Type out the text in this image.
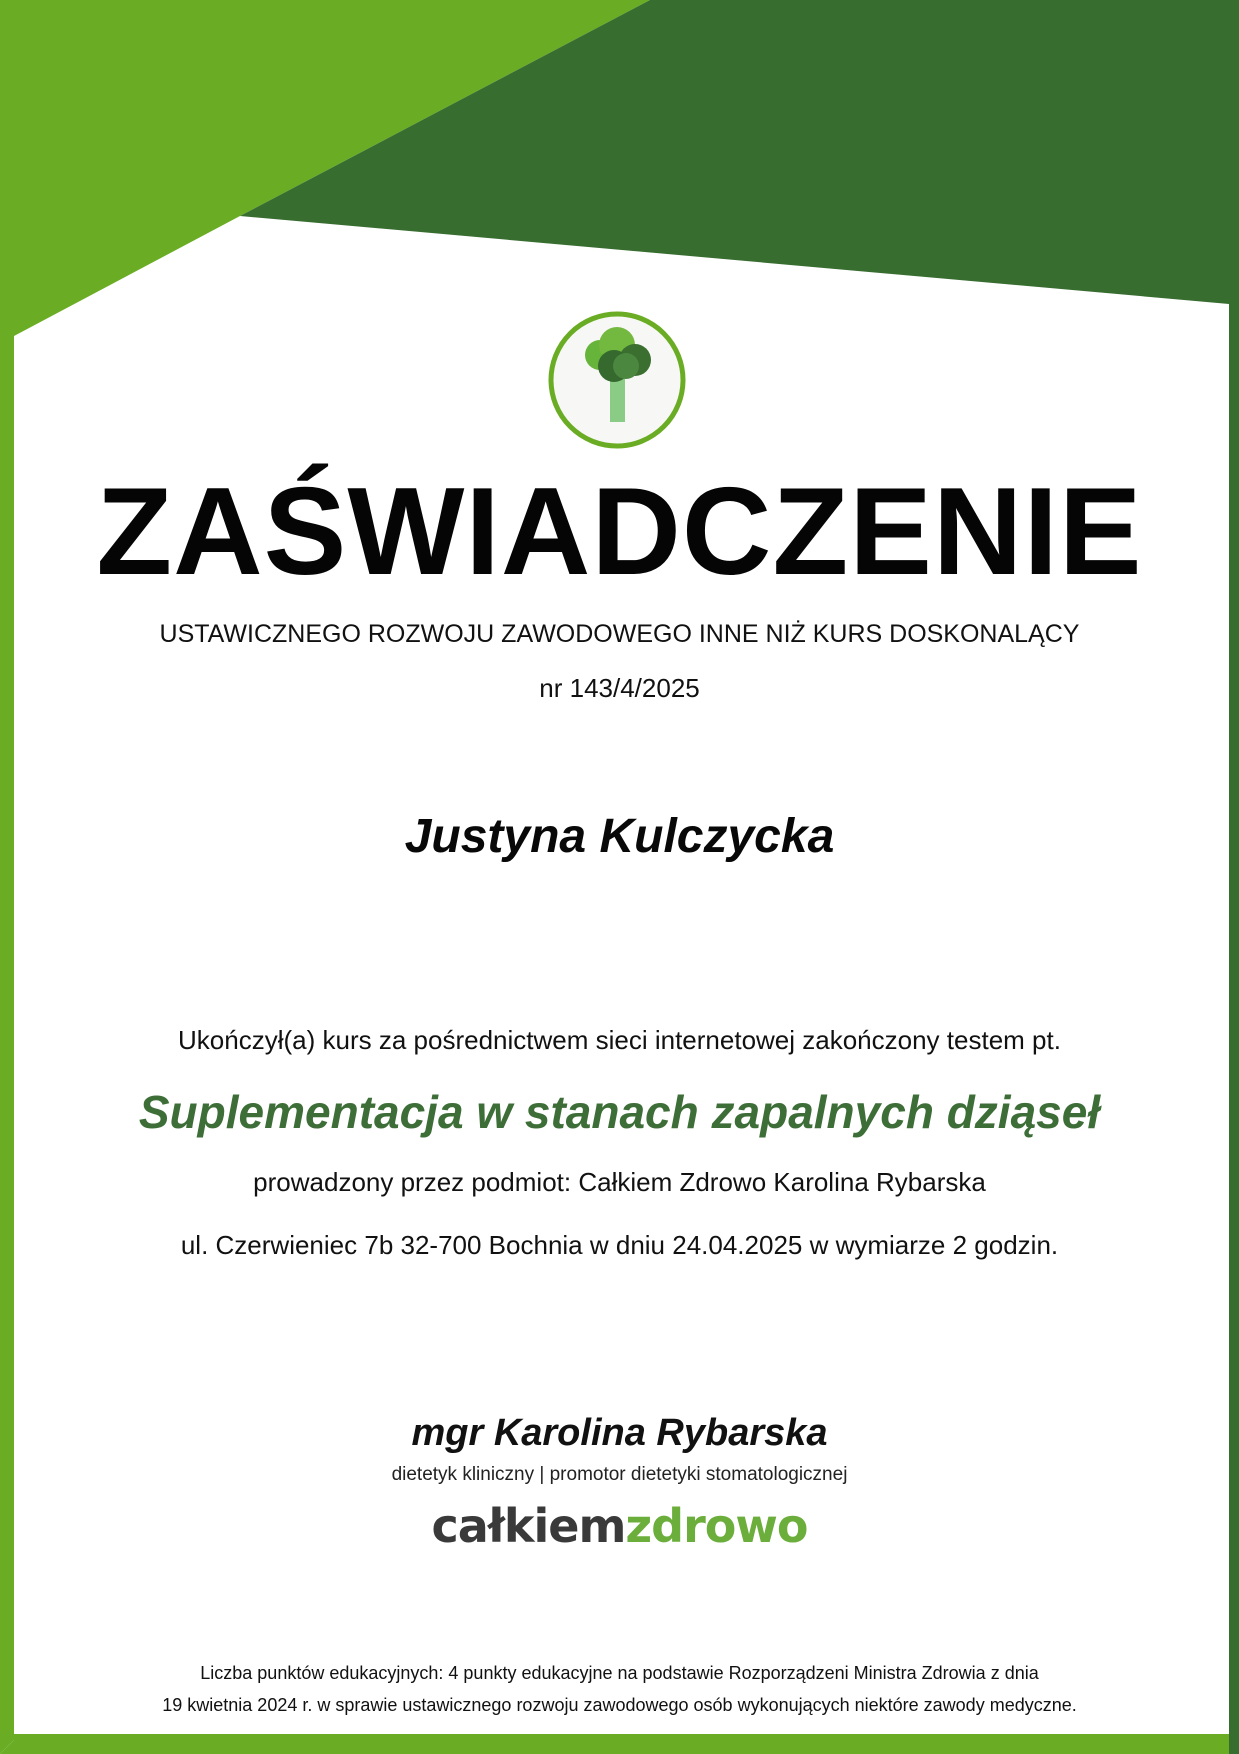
ZAŚWIADCZENIE
USTAWICZNEGO ROZWOJU ZAWODOWEGO INNE NIŻ KURS DOSKONALĄCY
nr 143/4/2025
Justyna Kulczycka
Ukończył(a) kurs za pośrednictwem sieci internetowej zakończony testem pt.
Suplementacja w stanach zapalnych dziąseł
prowadzony przez podmiot: Całkiem Zdrowo Karolina Rybarska
ul. Czerwieniec 7b 32-700 Bochnia w dniu 24.04.2025 w wymiarze 2 godzin.
mgr Karolina Rybarska
dietetyk kliniczny | promotor dietetyki stomatologicznej
całkiemzdrowo
Liczba punktów edukacyjnych: 4 punkty edukacyjne na podstawie Rozporządzeni Ministra Zdrowia z dnia
19 kwietnia 2024 r. w sprawie ustawicznego rozwoju zawodowego osób wykonujących niektóre zawody medyczne.
